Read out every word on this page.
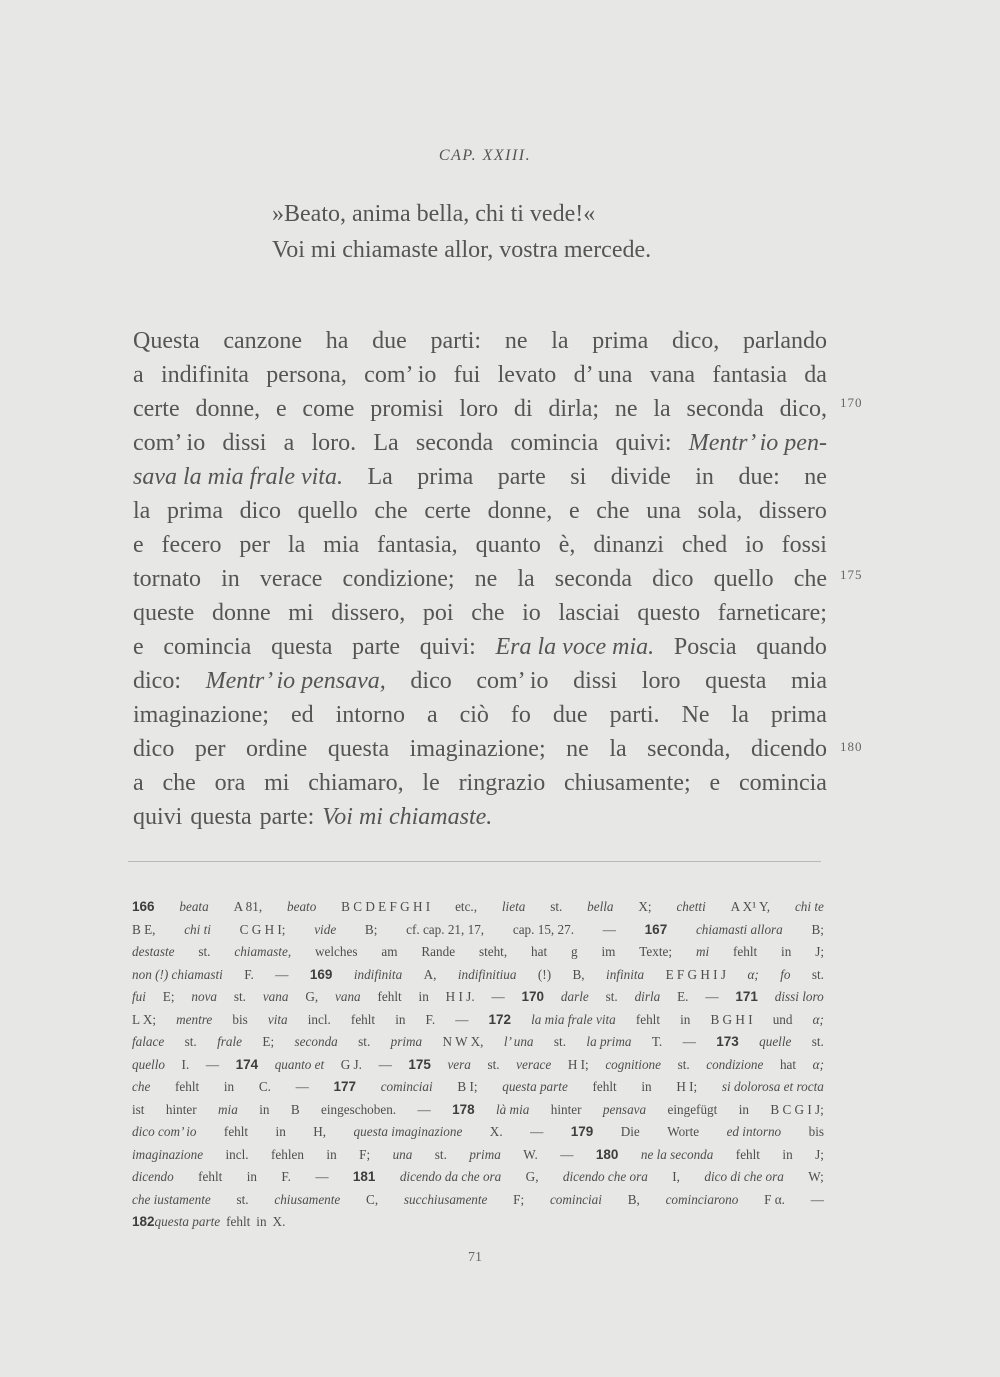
CAP. XXIII.
»Beato, anima bella, chi ti vede!«
Voi mi chiamaste allor, vostra mercede.
Questa canzone ha due parti: ne la prima dico, parlando
a indifinita persona, com’ io fui levato d’ una vana fantasia da
certe donne, e come promisi loro di dirla; ne la seconda dico,
com’ io dissi a loro. La seconda comincia quivi: Mentr’ io pen-
sava la mia frale vita. La prima parte si divide in due: ne
la prima dico quello che certe donne, e che una sola, dissero
e fecero per la mia fantasia, quanto è, dinanzi ched io fossi
tornato in verace condizione; ne la seconda dico quello che
queste donne mi dissero, poi che io lasciai questo farneticare;
e comincia questa parte quivi: Era la voce mia. Poscia quando
dico: Mentr’ io pensava, dico com’ io dissi loro questa mia
imaginazione; ed intorno a ciò fo due parti. Ne la prima
dico per ordine questa imaginazione; ne la seconda, dicendo
a che ora mi chiamaro, le ringrazio chiusamente; e comincia
quivi questa parte: Voi mi chiamaste.
170
175
180
166 beata A 81, beato B C D E F G H I etc., lieta st. bella X; chetti A X¹ Y, chi te
B E, chi ti C G H I; vide B; cf. cap. 21, 17, cap. 15, 27. — 167 chiamasti allora B;
destaste st. chiamaste, welches am Rande steht, hat g im Texte; mi fehlt in J;
non (!) chiamasti F. — 169 indifinita A, indifinitiua (!) B, infinita E F G H I J α; fo st.
fui E; nova st. vana G, vana fehlt in H I J. — 170 darle st. dirla E. — 171 dissi loro
L X; mentre bis vita incl. fehlt in F. — 172 la mia frale vita fehlt in B G H I und α;
falace st. frale E; seconda st. prima N W X, l’ una st. la prima T. — 173 quelle st.
quello I. — 174 quanto et G J. — 175 vera st. verace H I; cognitione st. condizione hat α;
che fehlt in C. — 177 cominciai B I; questa parte fehlt in H I; si dolorosa et rocta
ist hinter mia in B eingeschoben. — 178 là mia hinter pensava eingefügt in B C G I J;
dico com’ io fehlt in H, questa imaginazione X. — 179 Die Worte ed intorno bis
imaginazione incl. fehlen in F; una st. prima W. — 180 ne la seconda fehlt in J;
dicendo fehlt in F. — 181 dicendo da che ora G, dicendo che ora I, dico di che ora W;
che iustamente st. chiusamente C, succhiusamente F; cominciai B, cominciarono F α. —
182 questa parte fehlt in X.
71
